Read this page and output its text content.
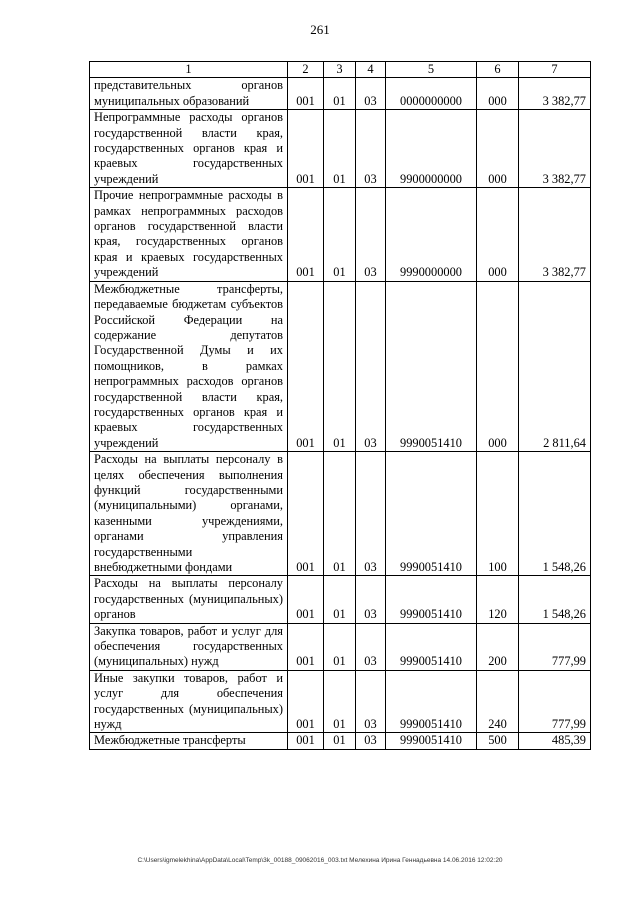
261
1	2	3	4	5	6	7
представительных органов муниципальных образований	001	01	03	0000000000	000	3 382,77
Непрограммные расходы органов государственной власти края, государственных органов края и краевых государственных учреждений	001	01	03	9900000000	000	3 382,77
Прочие непрограммные расходы в рамках непрограммных расходов органов государственной власти края, государственных органов края и краевых государственных учреждений	001	01	03	9990000000	000	3 382,77
Межбюджетные трансферты, передаваемые бюджетам субъектов Российской Федерации на содержание депутатов Государственной Думы и их помощников, в рамках непрограммных расходов органов государственной власти края, государственных органов края и краевых государственных учреждений	001	01	03	9990051410	000	2 811,64
Расходы на выплаты персоналу в целях обеспечения выполнения функций государственными (муниципальными) органами, казенными учреждениями, органами управления государственными внебюджетными фондами	001	01	03	9990051410	100	1 548,26
Расходы на выплаты персоналу государственных (муниципальных) органов	001	01	03	9990051410	120	1 548,26
Закупка товаров, работ и услуг для обеспечения государственных (муниципальных) нужд	001	01	03	9990051410	200	777,99
Иные закупки товаров, работ и услуг для обеспечения государственных (муниципальных) нужд	001	01	03	9990051410	240	777,99
Межбюджетные трансферты	001	01	03	9990051410	500	485,39
C:\Users\igmelekhina\AppData\Local\Temp\3k_00188_09062016_003.txt Мелехина Ирина Геннадьевна 14.06.2016 12:02:20
